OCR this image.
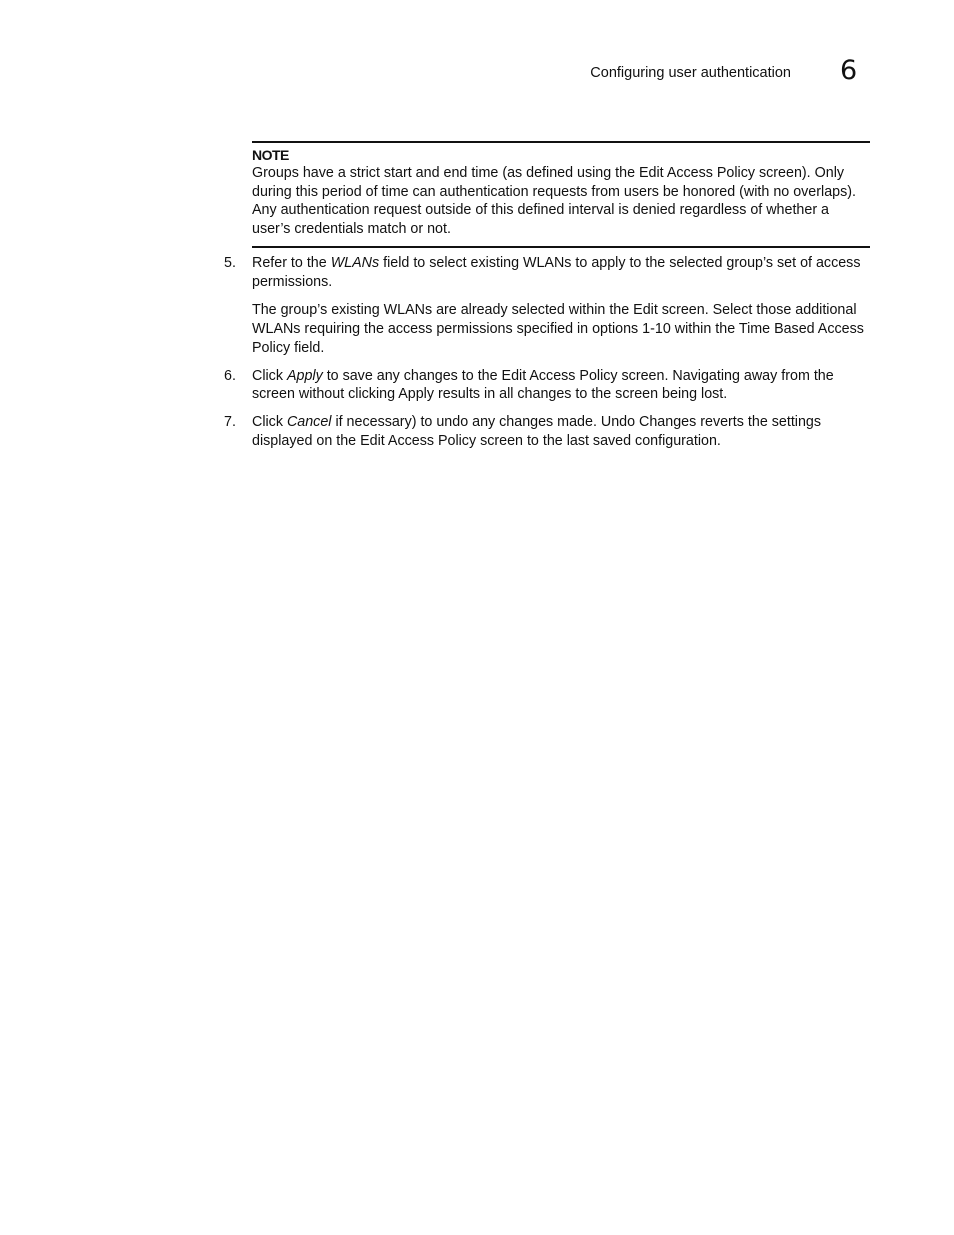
Configuring user authentication 6
NOTE

Groups have a strict start and end time (as defined using the Edit Access Policy screen). Only during this period of time can authentication requests from users be honored (with no overlaps). Any authentication request outside of this defined interval is denied regardless of whether a user’s credentials match or not.

5. Refer to the WLANs field to select existing WLANs to apply to the selected group’s set of access permissions.

The group’s existing WLANs are already selected within the Edit screen. Select those additional WLANs requiring the access permissions specified in options 1-10 within the Time Based Access Policy field.

6. Click Apply to save any changes to the Edit Access Policy screen. Navigating away from the screen without clicking Apply results in all changes to the screen being lost.

7. Click Cancel if necessary) to undo any changes made. Undo Changes reverts the settings displayed on the Edit Access Policy screen to the last saved configuration.
